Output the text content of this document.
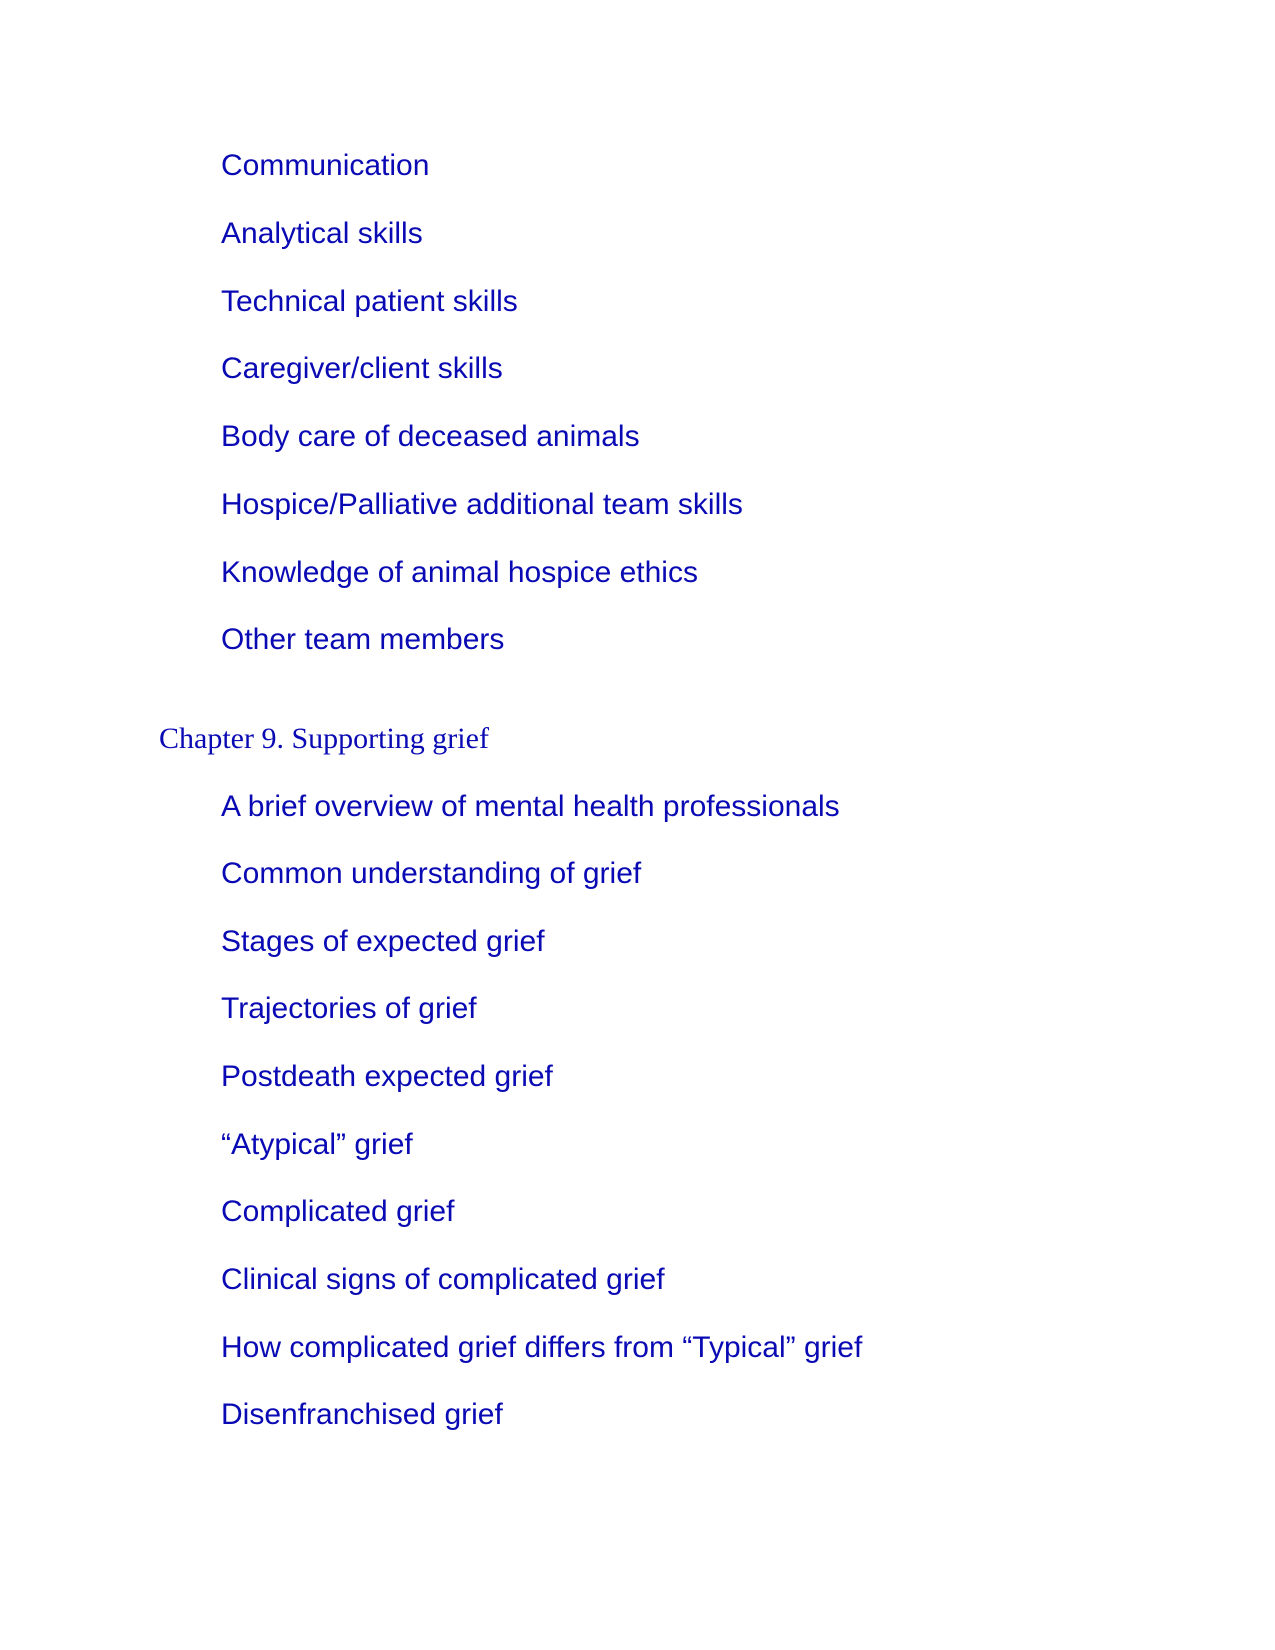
Communication
Analytical skills
Technical patient skills
Caregiver/client skills
Body care of deceased animals
Hospice/Palliative additional team skills
Knowledge of animal hospice ethics
Other team members
Chapter 9. Supporting grief
A brief overview of mental health professionals
Common understanding of grief
Stages of expected grief
Trajectories of grief
Postdeath expected grief
“Atypical” grief
Complicated grief
Clinical signs of complicated grief
How complicated grief differs from “Typical” grief
Disenfranchised grief
